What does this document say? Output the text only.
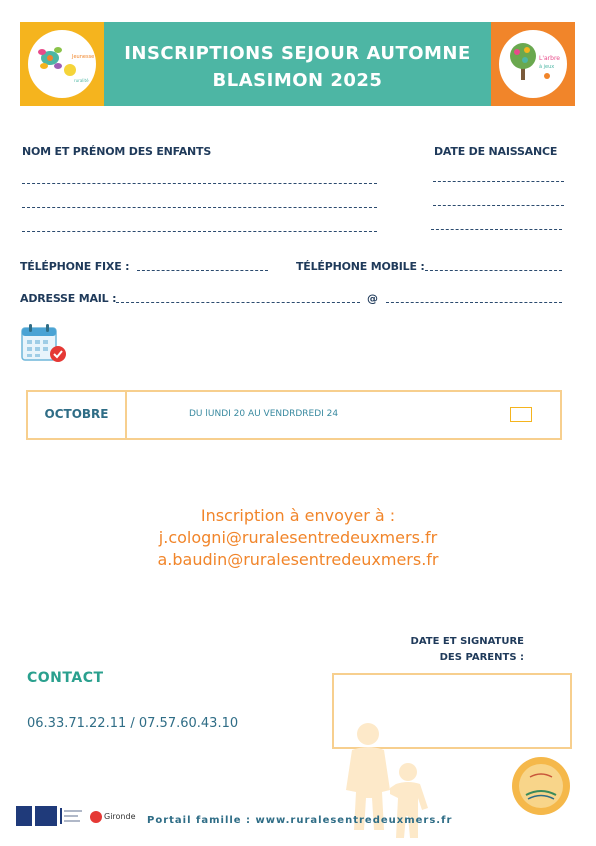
Jeunesse
ruralité
INSCRIPTIONS SEJOUR AUTOMNE
BLASIMON 2025
L'arbre
à jeux
NOM ET PRÉNOM DES ENFANTS	DATE DE NAISSANCE
TÉLÉPHONE FIXE :	TÉLÉPHONE MOBILE :
ADRESSE MAIL :	@
OCTOBRE	DU lUNDI 20 AU VENDRDREDI 24
Inscription à envoyer à :
j.cologni@ruralesentredeuxmers.fr
a.baudin@ruralesentredeuxmers.fr
DATE ET SIGNATURE
DES PARENTS :
CONTACT
06.33.71.22.11 / 07.57.60.43.10
Gironde Portail famille : www.ruralesentredeuxmers.fr
